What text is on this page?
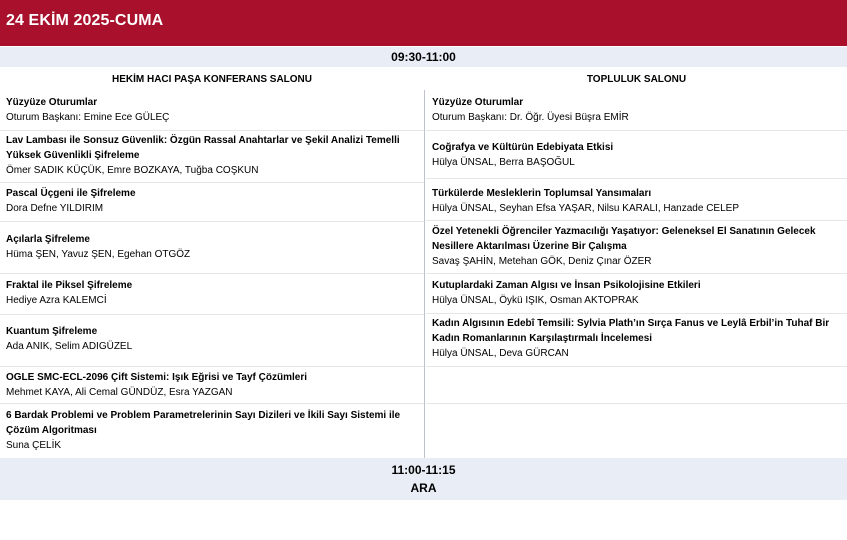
24 EKİM 2025-CUMA
09:30-11:00
HEKİM HACI PAŞA KONFERANS SALONU	TOPLULUK SALONU
Yüzyüze Oturumlar
Oturum Başkanı: Emine Ece GÜLEÇ
Lav Lambası ile Sonsuz Güvenlik: Özgün Rassal Anahtarlar ve Şekil Analizi Temelli Yüksek Güvenlikli Şifreleme
Ömer SADIK KÜÇÜK, Emre BOZKAYA, Tuğba COŞKUN
Pascal Üçgeni ile Şifreleme
Dora Defne YILDIRIM
Açılarla Şifreleme
Hüma ŞEN, Yavuz ŞEN, Egehan OTGÖZ
Fraktal ile Piksel Şifreleme
Hediye Azra KALEMCİ
Kuantum Şifreleme
Ada ANIK, Selim ADIGÜZEL
OGLE SMC-ECL-2096 Çift Sistemi: Işık Eğrisi ve Tayf Çözümleri
Mehmet KAYA, Ali Cemal GÜNDÜZ, Esra YAZGAN
6 Bardak Problemi ve Problem Parametrelerinin Sayı Dizileri ve İkili Sayı Sistemi ile Çözüm Algoritması
Suna ÇELİK
Yüzyüze Oturumlar
Oturum Başkanı: Dr. Öğr. Üyesi Büşra EMİR
Coğrafya ve Kültürün Edebiyata Etkisi
Hülya ÜNSAL, Berra BAŞOĞUL
Türkülerde Mesleklerin Toplumsal Yansımaları
Hülya ÜNSAL, Seyhan Efsa YAŞAR, Nilsu KARALI, Hanzade CELEP
Özel Yetenekli Öğrenciler Yazmacılığı Yaşatıyor: Geleneksel El Sanatının Gelecek Nesillere Aktarılması Üzerine Bir Çalışma
Savaş ŞAHİN, Metehan GÖK, Deniz Çınar ÖZER
Kutuplardaki Zaman Algısı ve İnsan Psikolojisine Etkileri
Hülya ÜNSAL, Öykü IŞIK, Osman AKTOPRAK
Kadın Algısının Edebî Temsili: Sylvia Plath’ın Sırça Fanus ve Leylâ Erbil’in Tuhaf Bir Kadın Romanlarının Karşılaştırmalı İncelemesi
Hülya ÜNSAL, Deva GÜRCAN
11:00-11:15
ARA
